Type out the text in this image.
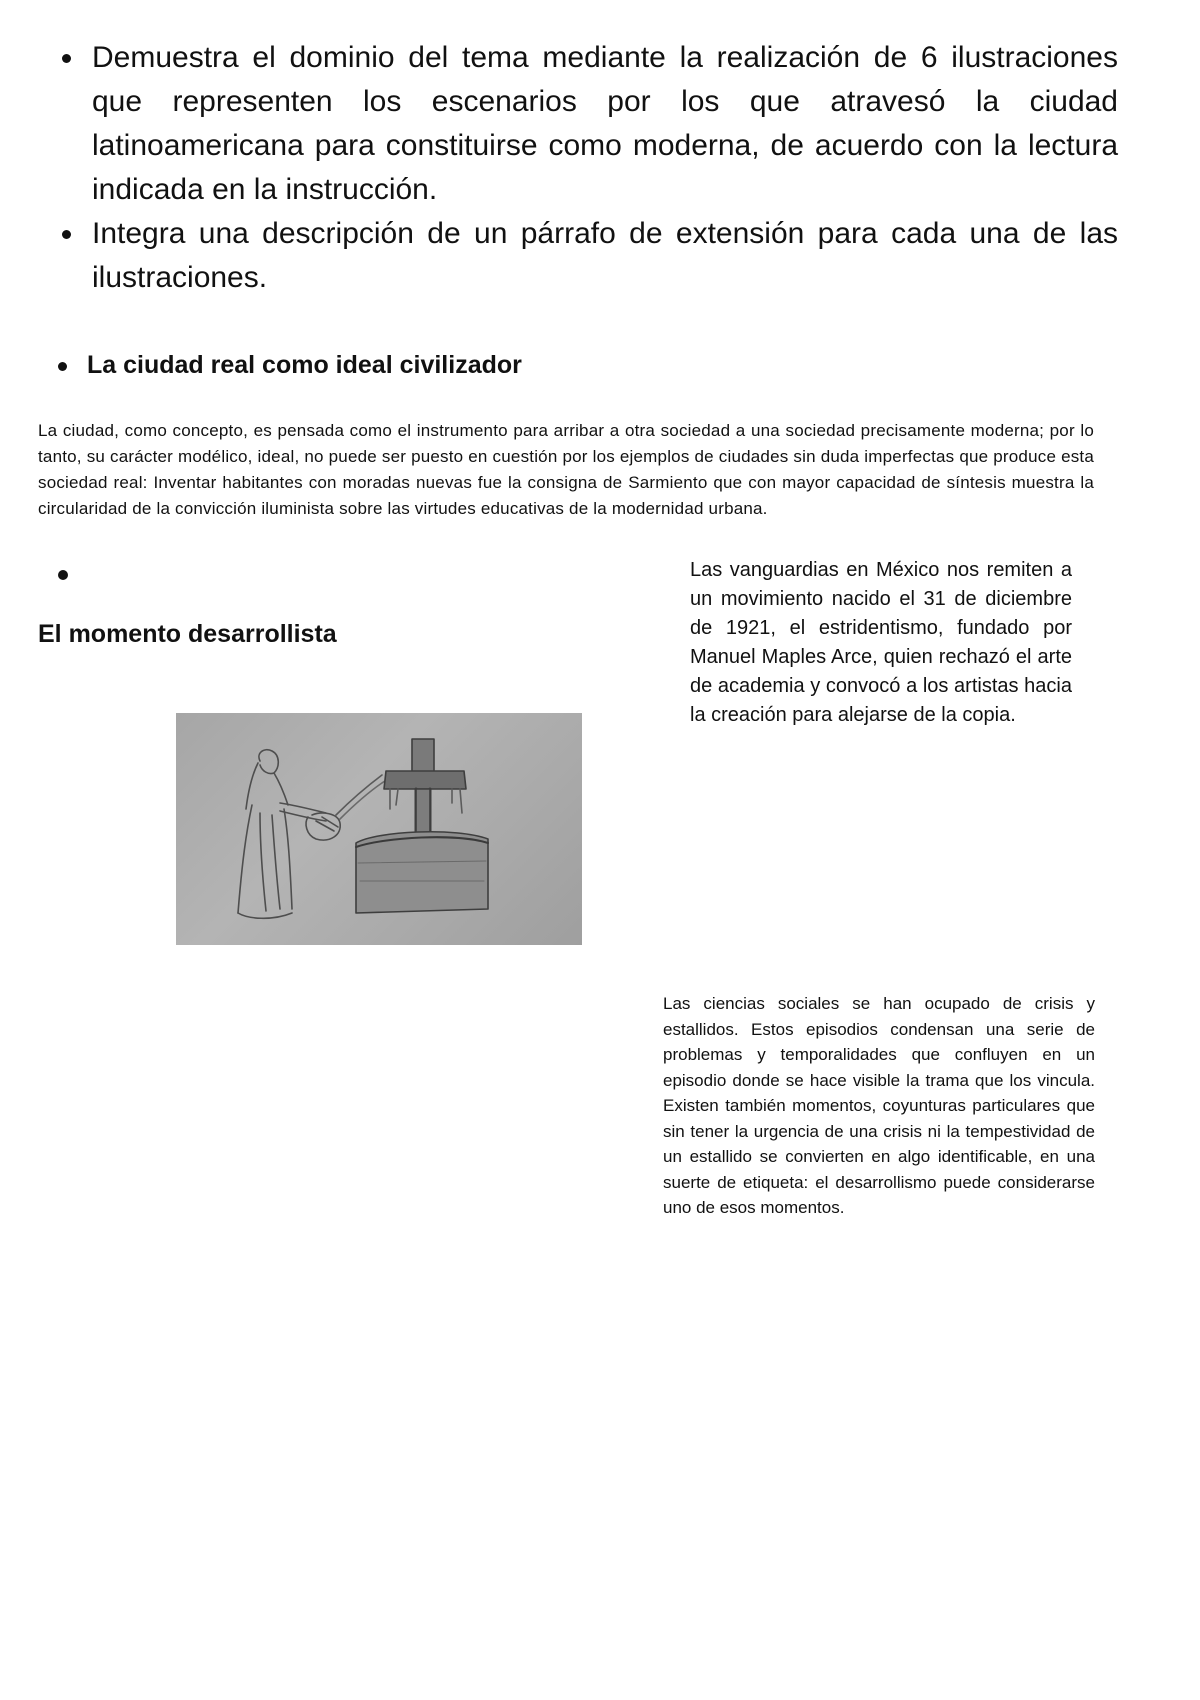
Demuestra el dominio del tema mediante la realización de 6 ilustraciones que representen los escenarios por los que atravesó la ciudad latinoamericana para constituirse como moderna, de acuerdo con la lectura indicada en la instrucción.
Integra una descripción de un párrafo de extensión para cada una de las ilustraciones.
La ciudad real como ideal civilizador
La ciudad, como concepto, es pensada como el instrumento para arribar a otra sociedad a una sociedad precisamente moderna; por lo tanto, su carácter modélico, ideal, no puede ser puesto en cuestión por los ejemplos de ciudades sin duda imperfectas que produce esta sociedad real: Inventar habitantes con moradas nuevas fue la consigna de Sarmiento que con mayor capacidad de síntesis muestra la circularidad de la convicción iluminista sobre las virtudes educativas de la modernidad urbana.
El momento desarrollista
Las vanguardias en México nos remiten a un movimiento nacido el 31 de diciembre de 1921, el estridentismo, fundado por Manuel Maples Arce, quien rechazó el arte de academia y convocó a los artistas hacia la creación para alejarse de la copia.
Las ciencias sociales se han ocupado de crisis y estallidos. Estos episodios condensan una serie de problemas y temporalidades que confluyen en un episodio donde se hace visible la trama que los vincula. Existen también momentos, coyunturas particulares que sin tener la urgencia de una crisis ni la tempestividad de un estallido se convierten en algo identificable, en una suerte de etiqueta: el desarrollismo puede considerarse uno de esos momentos.
